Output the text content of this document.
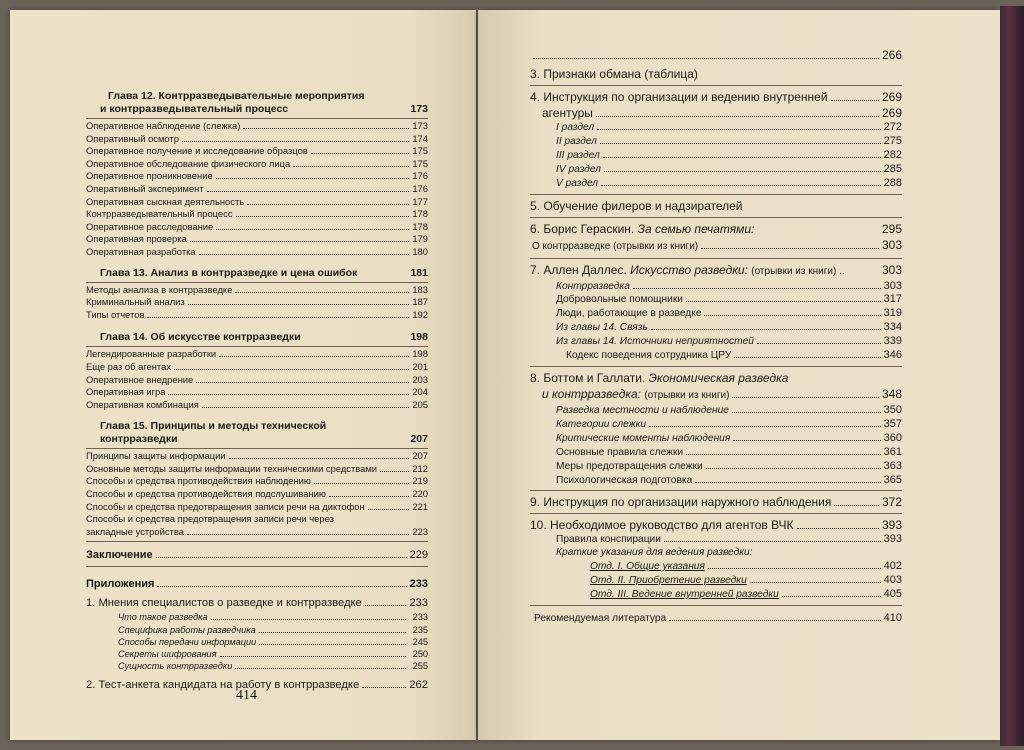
Глава 12. Контрразведывательные мероприятия
и контрразведывательный процесс	173
Оперативное наблюдение (слежка)	173
Оперативный осмотр	174
Оперативное получение и исследование образцов	175
Оперативное обследование физического лица	175
Оперативное проникновение	176
Оперативный эксперимент	176
Оперативная сыскная деятельность	177
Контрразведывательный процесс	178
Оперативное расследование	178
Оперативная проверка	179
Оперативная разработка	180
Глава 13. Анализ в контрразведке и цена ошибок	181
Методы анализа в контрразведке	183
Криминальный анализ	187
Типы отчетов	192
Глава 14. Об искусстве контрразведки	198
Легендированные разработки	198
Еще раз об агентах	201
Оперативное внедрение	203
Оперативная игра	204
Оперативная комбинация	205
Глава 15. Принципы и методы технической
контрразведки	207
Принципы защиты информации	207
Основные методы защиты информации техническими средствами	212
Способы и средства противодействия наблюдению	219
Способы и средства противодействия подслушиванию	220
Способы и средства предотвращения записи речи на диктофон	221
Способы и средства предотвращения записи речи через
закладные устройства	223
Заключение	229
Приложения	233
1. Мнения специалистов о разведке и контрразведке	233
Что такое разведка	233
Специфика работы разведчика	235
Способы передачи информации	245
Секреты шифрования	250
Сущность контрразведки	255
2. Тест-анкета кандидата на работу в контрразведке	262
414
266
3. Признаки обмана (таблица)
4. Инструкция по организации и ведению внутренней	269
агентуры	269
I раздел	272
II раздел	275
III раздел	282
IV раздел	285
V раздел	288
5. Обучение филеров и надзирателей
6. Борис Гераскин. За семью печатями:	295
О контрразведке (отрывки из книги)	303
7. Аллен Даллес. Искусство разведки: (отрывки из книги) ..	303
Контрразведка	303
Добровольные помощники	317
Люди, работающие в разведке	319
Из главы 14. Связь	334
Из главы 14. Источники неприятностей	339
Кодекс поведения сотрудника ЦРУ	346
8. Боттом и Галлати. Экономическая разведка
и контрразведка: (отрывки из книги)	348
Разведка местности и наблюдение	350
Категории слежки	357
Критические моменты наблюдения	360
Основные правила слежки	361
Меры предотвращения слежки	363
Психологическая подготовка	365
9. Инструкция по организации наружного наблюдения	372
10. Необходимое руководство для агентов ВЧК	393
Правила конспирации	393
Краткие указания для ведения разведки:
Отд. I. Общие указания	402
Отд. II. Приобретение разведки	403
Отд. III. Ведение внутренней разведки	405
Рекомендуемая литература	410
